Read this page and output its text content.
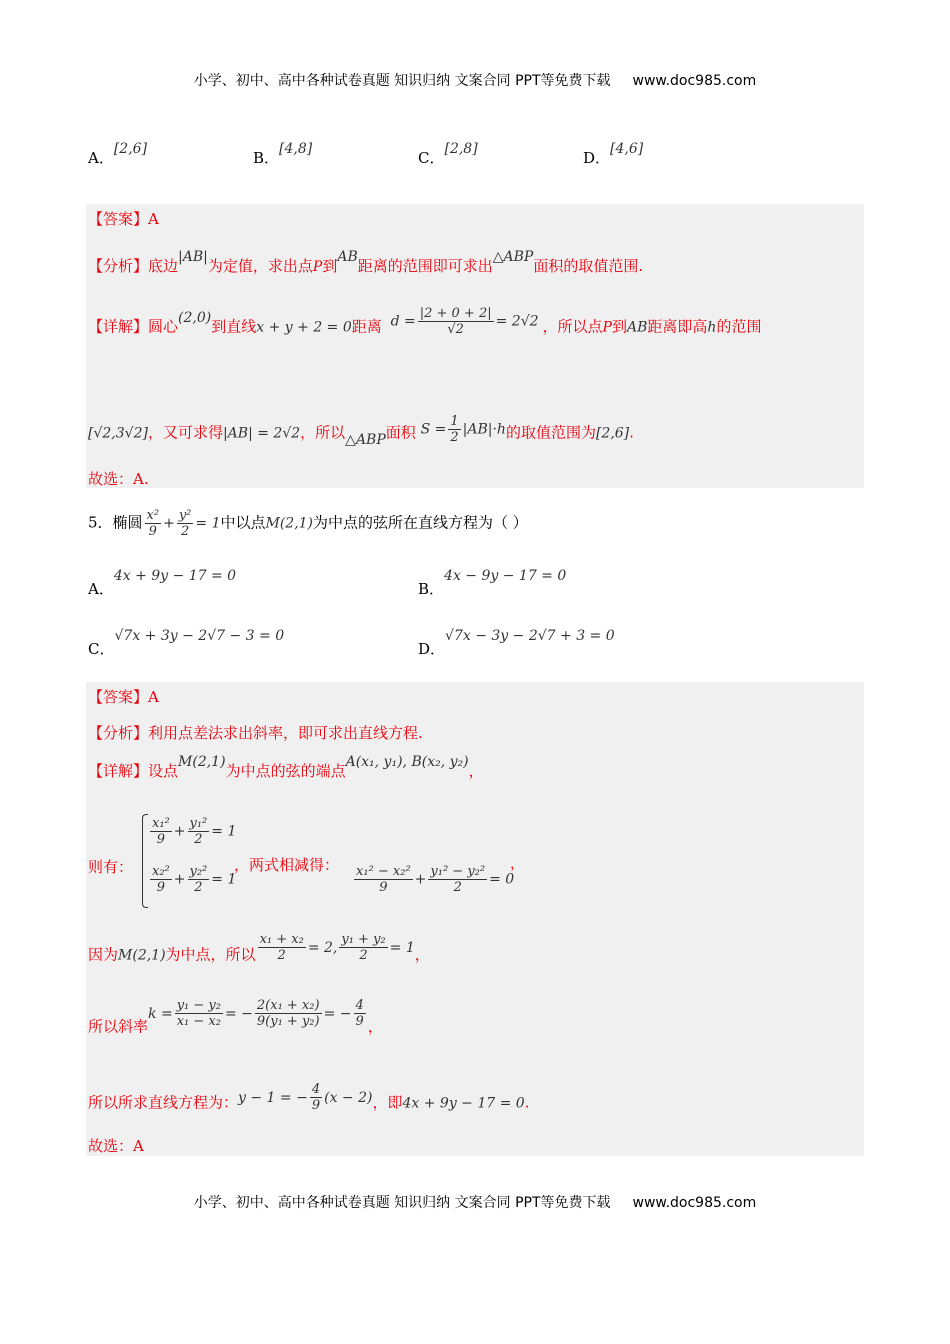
小学、初中、高中各种试卷真题 知识归纳 文案合同 PPT等免费下载 www.doc985.com
A．[2,6]	B．[4,8]	C．[2,8]	D．[4,6]
【答案】A
【分析】底边|AB|为定值，求出点P到AB距离的范围即可求出△ABP面积的取值范围.
【详解】圆心(2,0)到直线x + y + 2 = 0距离 $d = \frac{|2 + 0 + 2|}{√2} = 2√2$ ，所以点P到AB距离即高h的范围
[√2,3√2]，又可求得|AB| = 2√2，所以△ABP面积 $S = \frac{1}{2} |AB|\cdot h$的取值范围为[2,6].
故选：A.
5．椭圆 $\frac{\text{x²}}{9} + \frac{\text{y²}}{2} = 1$中以点M(2,1)为中点的弦所在直线方程为（ ）
A．4x + 9y − 17 = 0
B．4x − 9y − 17 = 0
C．√7x + 3y − 2√7 − 3 = 0
D．√7x − 3y − 2√7 + 3 = 0
【答案】A
【分析】利用点差法求出斜率，即可求出直线方程.
【详解】设点M(2,1)为中点的弦的端点A(x₁, y₁), B(x₂, y₂)，
则有：
$\frac{\text{x₁²}}{9} + \frac{\text{y₁²}}{2} = 1$
$\frac{\text{x₂²}}{9} + \frac{\text{y₂²}}{2} = 1$
，两式相减得： $\frac{\text{x₁² − x₂²}}{9} + \frac{\text{y₁² − y₂²}}{2} = 0$
，
因为M(2,1)为中点，所以 $\frac{\text{x₁ + x₂}}{2} = 2$, $\frac{\text{y₁ + y₂}}{2} = 1$，
所以斜率$k = \frac{\text{y₁ − y₂}}{\text{x₁ − x₂}}$ = − $\frac{\text{2(x₁ + x₂)}}{\text{9(y₁ + y₂)}}$ = − $\frac{4}{9}$ ，
所以所求直线方程为：y − 1 = − $\frac{4}{9} (x - 2)$，即4x + 9y − 17 = 0.
故选：A
小学、初中、高中各种试卷真题 知识归纳 文案合同 PPT等免费下载 www.doc985.com
